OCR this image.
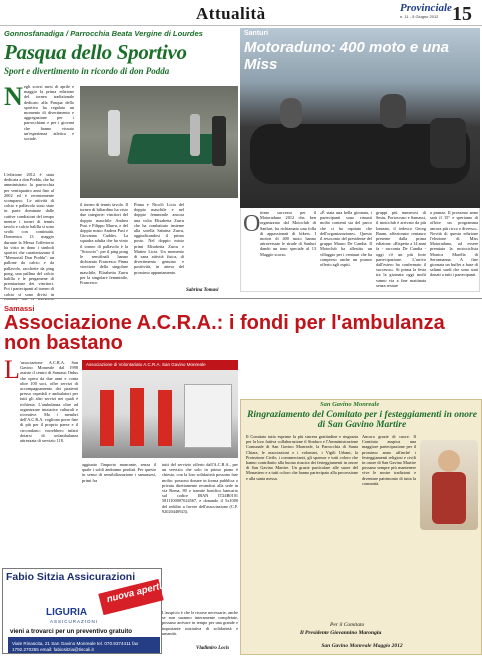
Attualità	Provinciale
n. 11 - 5 Giugno 2012 15
Gonnosfanadiga / Parrocchia Beata Vergine di Lourdes
Pasqua dello Sportivo
Sport e divertimento in ricordo di don Podda
N egli scorsi mesi di aprile e maggio la prima edizione del torneo tradizionale dedicato alla Pasqua dello sportivo ha regalato un momento di divertimento e aggregazione per i parrocchiani e per i giovani che hanno vissuto un'esperienza atletica e sociale.
L'edizione 2012 è stata dedicata a don Podda, che ha amministrato la parrocchia per ventiquattro anni fino al 2002 ed è recentemente scomparso. Le attività di calcio e pallavolo sono state in parte dominate dalle cattive condizioni del tempo mentre i tornei di tennis tavolo e calcio balilla si sono svolti con continuità. Domenica 13 maggio durante la Messa l'offertorio ha visto in dono i simboli sportivi che caratterizzano il "Memorial Don Podda": un pallone da calcio e da pallavolo, racchette da ping pong, una pallina del calcio balilla e le pergamene di premiazione dei vincitori. Poi i partecipanti al torneo di calcio si sono divisi in
il torneo di tennis tavolo. Il torneo di biliardino ha visto due categorie: vincitori del doppio maschile Andrea Pusi e Filippo Murru, e del doppio misto Andrea Pusi e Giovanna Cuddes. La squadra adulta che ha vinto il torneo di pallavolo è la "Scioscio": per il ping pong le semifinali hanno dichiarato Francesco Pinna vincitore della singolare maschile, Elisabetta Zurru per la singolare femminile, Francesco
Pinna e Nicolò Licia del doppio maschile e nel doppio femminile ancora una volta Elisabetta Zurru che ha combattuto insieme alla sorella Sabrina Zurru, aggiudicandosi il primo posto. Nel doppio misto primi Elisabetta Zurru e Matteo Licia. Un momento di sana attività fisica, di divertimento genuino e positività, in attesa del prossimo appuntamento.
Sabrina Tomasi
Santuri
Motoraduno: 400 moto e una Miss
O ttimo successo per il Motoraduno 2012 che, ben organizzato dal Motoclub di Sanluri, ha richiamato una folla di appassionati di bikers. I motori di 400 moto hanno attraversato le strade di Sanluri dando un tono speciale al 13 Maggio scorso.
«È stata una bella giornata, i partecipanti sono rimasti molto contenti sia del parco che ci ha ospitato che dell'organizzazione». Questo il resoconto del presidente del gruppo Mauro De Candia. Il Motoclub ha allestito un villaggio per i centauri che ha compreso anche un pranzo offerto agli ospiti.
gruppi più numerosi di Sestu, Portoscuso e Samassi, il motoclub è arrivato da più lontano, il tedesco Georg Baum, affezionato centauro presente dalla prima edizione. «Rispetto a 14 anni fa - racconta De Candia - oggi c'è un più forte partecipazione. L'arrivo dall'estero ha confermato il successo». Si prima la festa tra la giornata oggi molti vanno via a fine mattinata senza restare
a pranzo. Il prossimo anno sarà il 15° e speriamo di offrire un programma ancora più ricco e diverso». Novità di questa edizione l'elezione di Miss Motoraduno, ad essere premiata la motociclista Monica Marella di Serramanna. A fine giornata un buffet a base di salumi sardi che sono stati donati a tutti i partecipanti.
Samassi
Associazione A.C.R.A.: i fondi per l'ambulanza non bastano
L 'associazione A.C.R.A. San Gavino Monreale dal 1998 assiste il centro di Samassi Onlus che opera da due anni e conta oltre 100 soci, offre servizi di accompagnamento dei pazienti presso ospedali e ambulatori per tutti gli altri servizi nei quali è richiesta. L'ambulanza oltre ad organizzare iniziative culturali e ricreative. Ma i membri dell'A.C.R.A. vogliono porre fine di più per il proprio paese e il circondario: vorrebbero infatti dotarsi di un'ambulanza attrezzata di servizio 118.
Associazione di Volontariato A.C.R.A. San Gavino Monreale
aggiunto l'importo mancante, senza il quale i soldi andranno perduti. Per questo in senso di sensibilizzazione i samassesi, primi fra
tutti del servizio offerto dall'A.C.R.A., per un servizio che solo in primo piano è chiesto, con la loro solidarietà possono fare molto: possono donare in forma pubblica o privata direttamente recandosi alla sede in via Roma, 80 o tramite bonifico bancario sul codice IBAN IT24B0101 5811100007024567, e donando il 5x1000 del reddito a favore dell'associazione (C.F. 92020440923).
L'auspicio è che le risorse necessarie, anche se non saranno interamente completate, possano arrivare in tempo per una grande e importante iniziativa di solidarietà e umanità.
Vladimiro Locis
Fabio Sitzia Assicurazioni
nuova apertura
LIGURIA
ASSICURAZIONI
vieni a trovarci per un preventivo gratuito
Viale Rinascita, 21 San Gavino Monreale tel. 070.9374411 fax 1792.270355 email: fabiositzia@tiscali.it
San Gavino Monreale
Ringraziamento del Comitato per i festeggiamenti in onore di San Gavino Martire
Il Comitato tutto esprime la più sincera gratitudine e ringrazia per la loro fattiva collaborazione il Sindaco e l'Amministrazione Comunale di San Gavino Monreale, la Parrocchia di Santa Chiara, le associazioni e i volontari, i Vigili Urbani, la Protezione Civile, i commercianti, gli sponsor e tutti coloro che hanno contribuito alla buona riuscita dei festeggiamenti in onore di San Gavino Martire. Un grazie particolare alle suore del Monastero e a tutti coloro che hanno partecipato alla processione e alla santa messa.
Ancora grazie di cuore. Il Comitato auspica una maggiore partecipazione per il prossimo anno affinché i festeggiamenti religiosi e civili in onore di San Gavino Martire possano sempre più mantenere vive le nostre tradizioni e diventare patrimonio di tutta la comunità.
Per il Comitato
Il Presidente Giovannino Marongiu
San Gavino Monreale Maggio 2012
